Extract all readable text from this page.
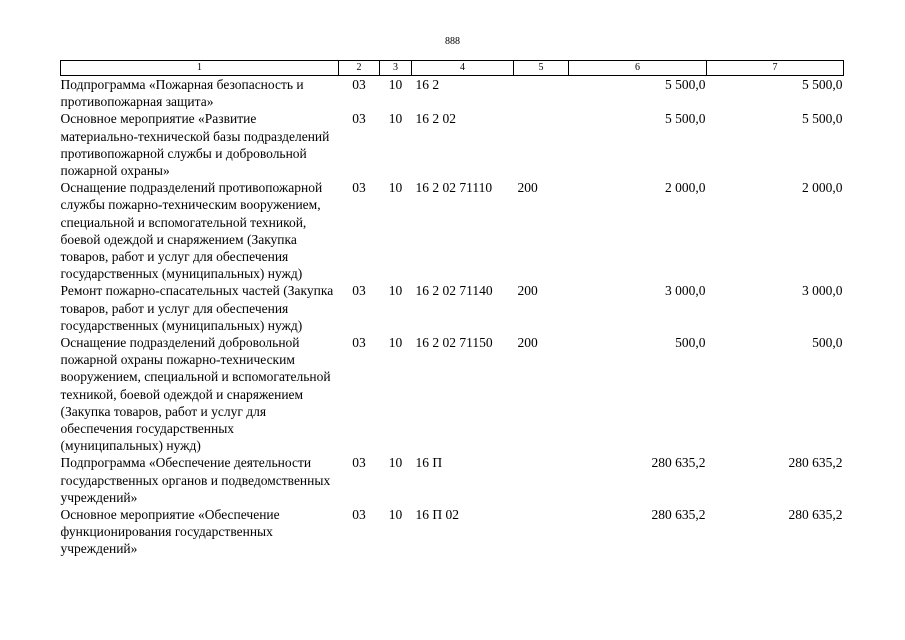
888
1	2	3	4	5	6	7
Подпрограмма «Пожарная безопасность и противопожарная защита»	03	10	16 2		5 500,0	5 500,0
Основное мероприятие «Развитие материально-технической базы подразделений противопожарной службы и добровольной пожарной охраны»	03	10	16 2 02		5 500,0	5 500,0
Оснащение подразделений противопожарной службы пожарно-техническим вооружением, специальной и вспомогательной техникой, боевой одеждой и снаряжением (Закупка товаров, работ и услуг для обеспечения государственных (муниципальных) нужд)	03	10	16 2 02 71110	200	2 000,0	2 000,0
Ремонт пожарно-спасательных частей (Закупка товаров, работ и услуг для обеспечения государственных (муниципальных) нужд)	03	10	16 2 02 71140	200	3 000,0	3 000,0
Оснащение подразделений добровольной пожарной охраны пожарно-техническим вооружением, специальной и вспомогательной техникой, боевой одеждой и снаряжением (Закупка товаров, работ и услуг для обеспечения государственных (муниципальных) нужд)	03	10	16 2 02 71150	200	500,0	500,0
Подпрограмма «Обеспечение деятельности государственных органов и подведомственных учреждений»	03	10	16 П		280 635,2	280 635,2
Основное мероприятие «Обеспечение функционирования государственных учреждений»	03	10	16 П 02		280 635,2	280 635,2
